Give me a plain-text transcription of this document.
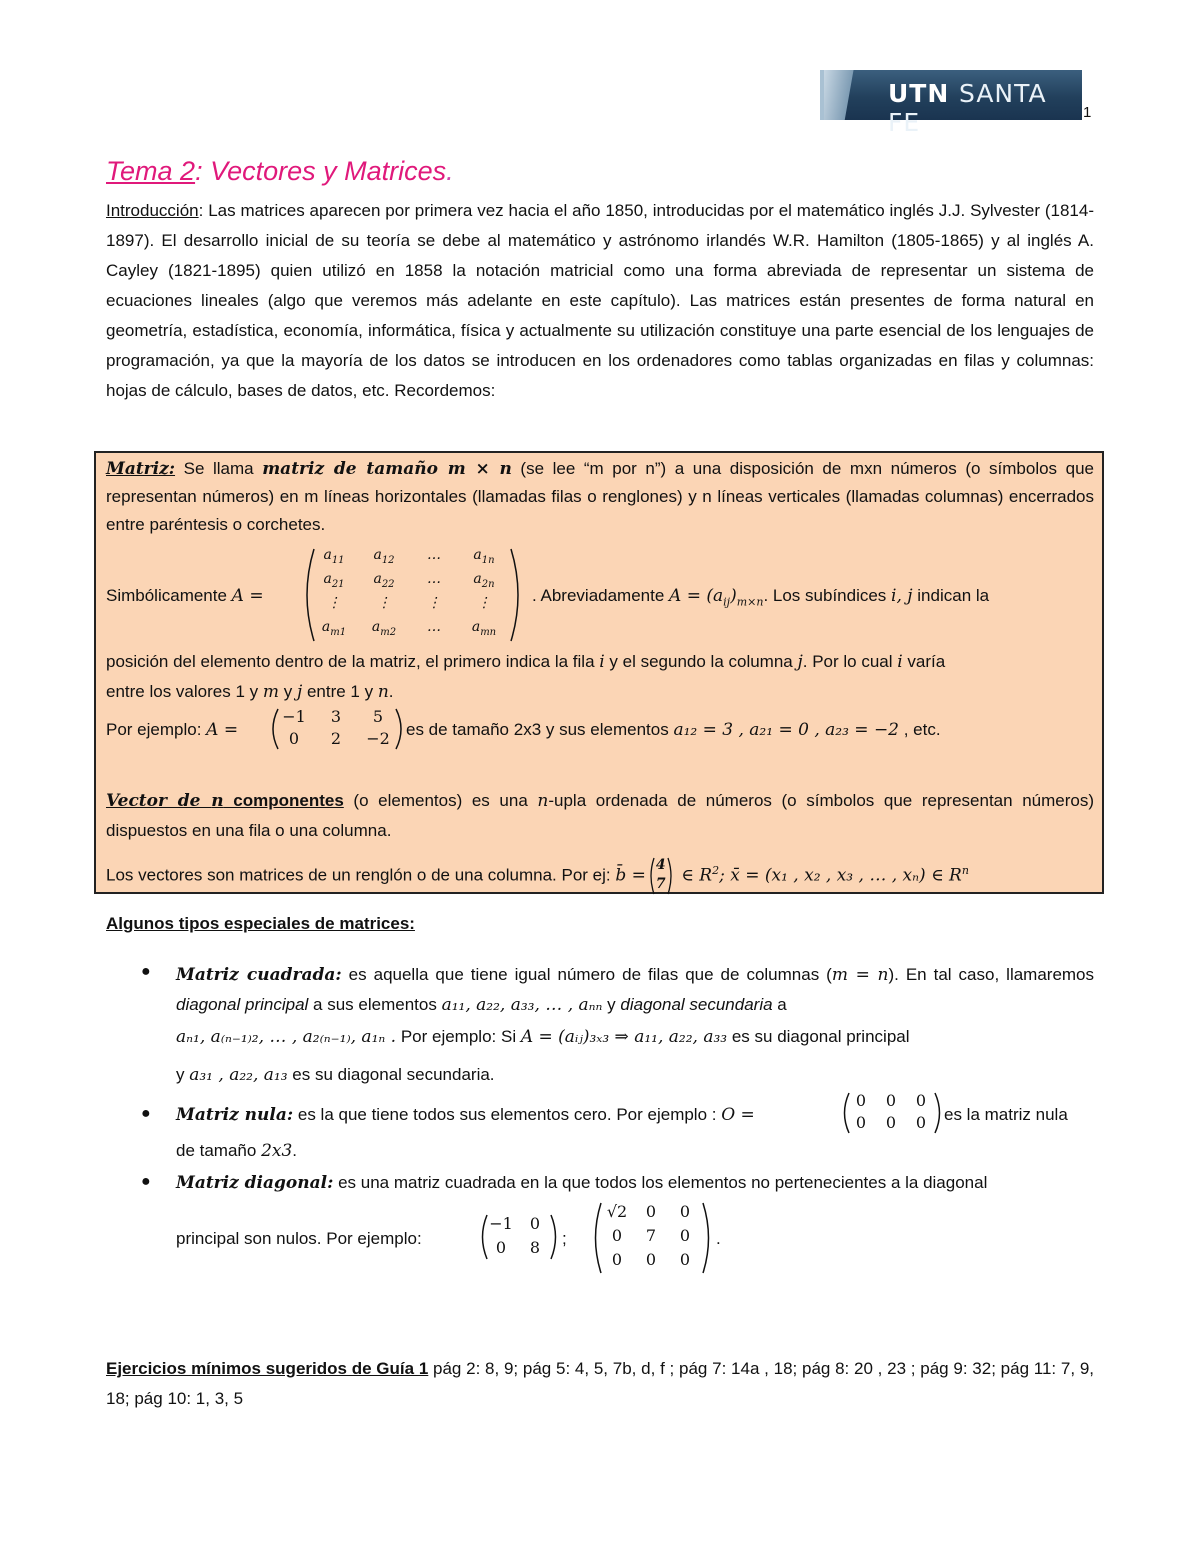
UTN SANTA FE	1
Tema 2: Vectores y Matrices.

Introducción: Las matrices aparecen por primera vez hacia el año 1850, introducidas por el matemático inglés J.J. Sylvester (1814-1897). El desarrollo inicial de su teoría se debe al matemático y astrónomo irlandés W.R. Hamilton (1805-1865) y al inglés A. Cayley (1821-1895) quien utilizó en 1858 la notación matricial como una forma abreviada de representar un sistema de ecuaciones lineales (algo que veremos más adelante en este capítulo). Las matrices están presentes de forma natural en geometría, estadística, economía, informática, física y actualmente su utilización constituye una parte esencial de los lenguajes de programación, ya que la mayoría de los datos se introducen en los ordenadores como tablas organizadas en filas y columnas: hojas de cálculo, bases de datos, etc. Recordemos:

Matriz: Se llama matriz de tamaño m × n (se lee “m por n”) a una disposición de mxn números (o símbolos que representan números) en m líneas horizontales (llamadas filas o renglones) y n líneas verticales (llamadas columnas) encerrados entre paréntesis o corchetes.

Simbólicamente A =
$a_{11}$	$a_{12}$	…	$a_{1n}$
$a_{21}$	$a_{22}$	…	$a_{2n}$
⋮	⋮	⋮	⋮
$a_{m1}$	$a_{m2}$	…	$a_{mn}$
. Abreviadamente $A = (a_{ij})_{m\times n}$. Los subíndices i, j indican la

posición del elemento dentro de la matriz, el primero indica la fila i y el segundo la columna j. Por lo cual i varía

entre los valores 1 y m y j entre 1 y n.

Por ejemplo: A =
−1	3	5
0	2	−2 es de tamaño 2x3 y sus elementos a₁₂ = 3 , a₂₁ = 0 , a₂₃ = −2 , etc.

Vector de n componentes (o elementos) es una n-upla ordenada de números (o símbolos que representan números) dispuestos en una fila o una columna.

Los vectores son matrices de un renglón o de una columna. Por ej: b̄ =
4
7 ∈ $R^2$; x̄ = (x₁ , x₂ , x₃ , … , xₙ) ∈ $R^n$
Algunos tipos especiales de matrices:
● Matriz cuadrada: es aquella que tiene igual número de filas que de columnas (m = n). En tal caso, llamaremos diagonal principal a sus elementos a₁₁, a₂₂, a₃₃, … , aₙₙ y diagonal secundaria a

aₙ₁, a₍ₙ₋₁₎₂, … , a₂₍ₙ₋₁₎, a₁ₙ . Por ejemplo: Si A = (aᵢⱼ)₃ₓ₃ ⇒ a₁₁, a₂₂, a₃₃ es su diagonal principal
y a₃₁ , a₂₂, a₁₃ es su diagonal secundaria.
● Matriz nula: es la que tiene todos sus elementos cero. Por ejemplo : O =
0	0	0
0	0	0	es la matriz nula
de tamaño 2x3.
● Matriz diagonal: es una matriz cuadrada en la que todos los elementos no pertenecientes a la diagonal

principal son nulos. Por ejemplo:
−1	0
0	8	;
√2	0	0
0	7	0
0	0	0
.

Ejercicios mínimos sugeridos de Guía 1 pág 2: 8, 9; pág 5: 4, 5, 7b, d, f ; pág 7: 14a , 18; pág 8: 20 , 23 ; pág 9: 32; pág 11: 7, 9, 18; pág 10: 1, 3, 5
